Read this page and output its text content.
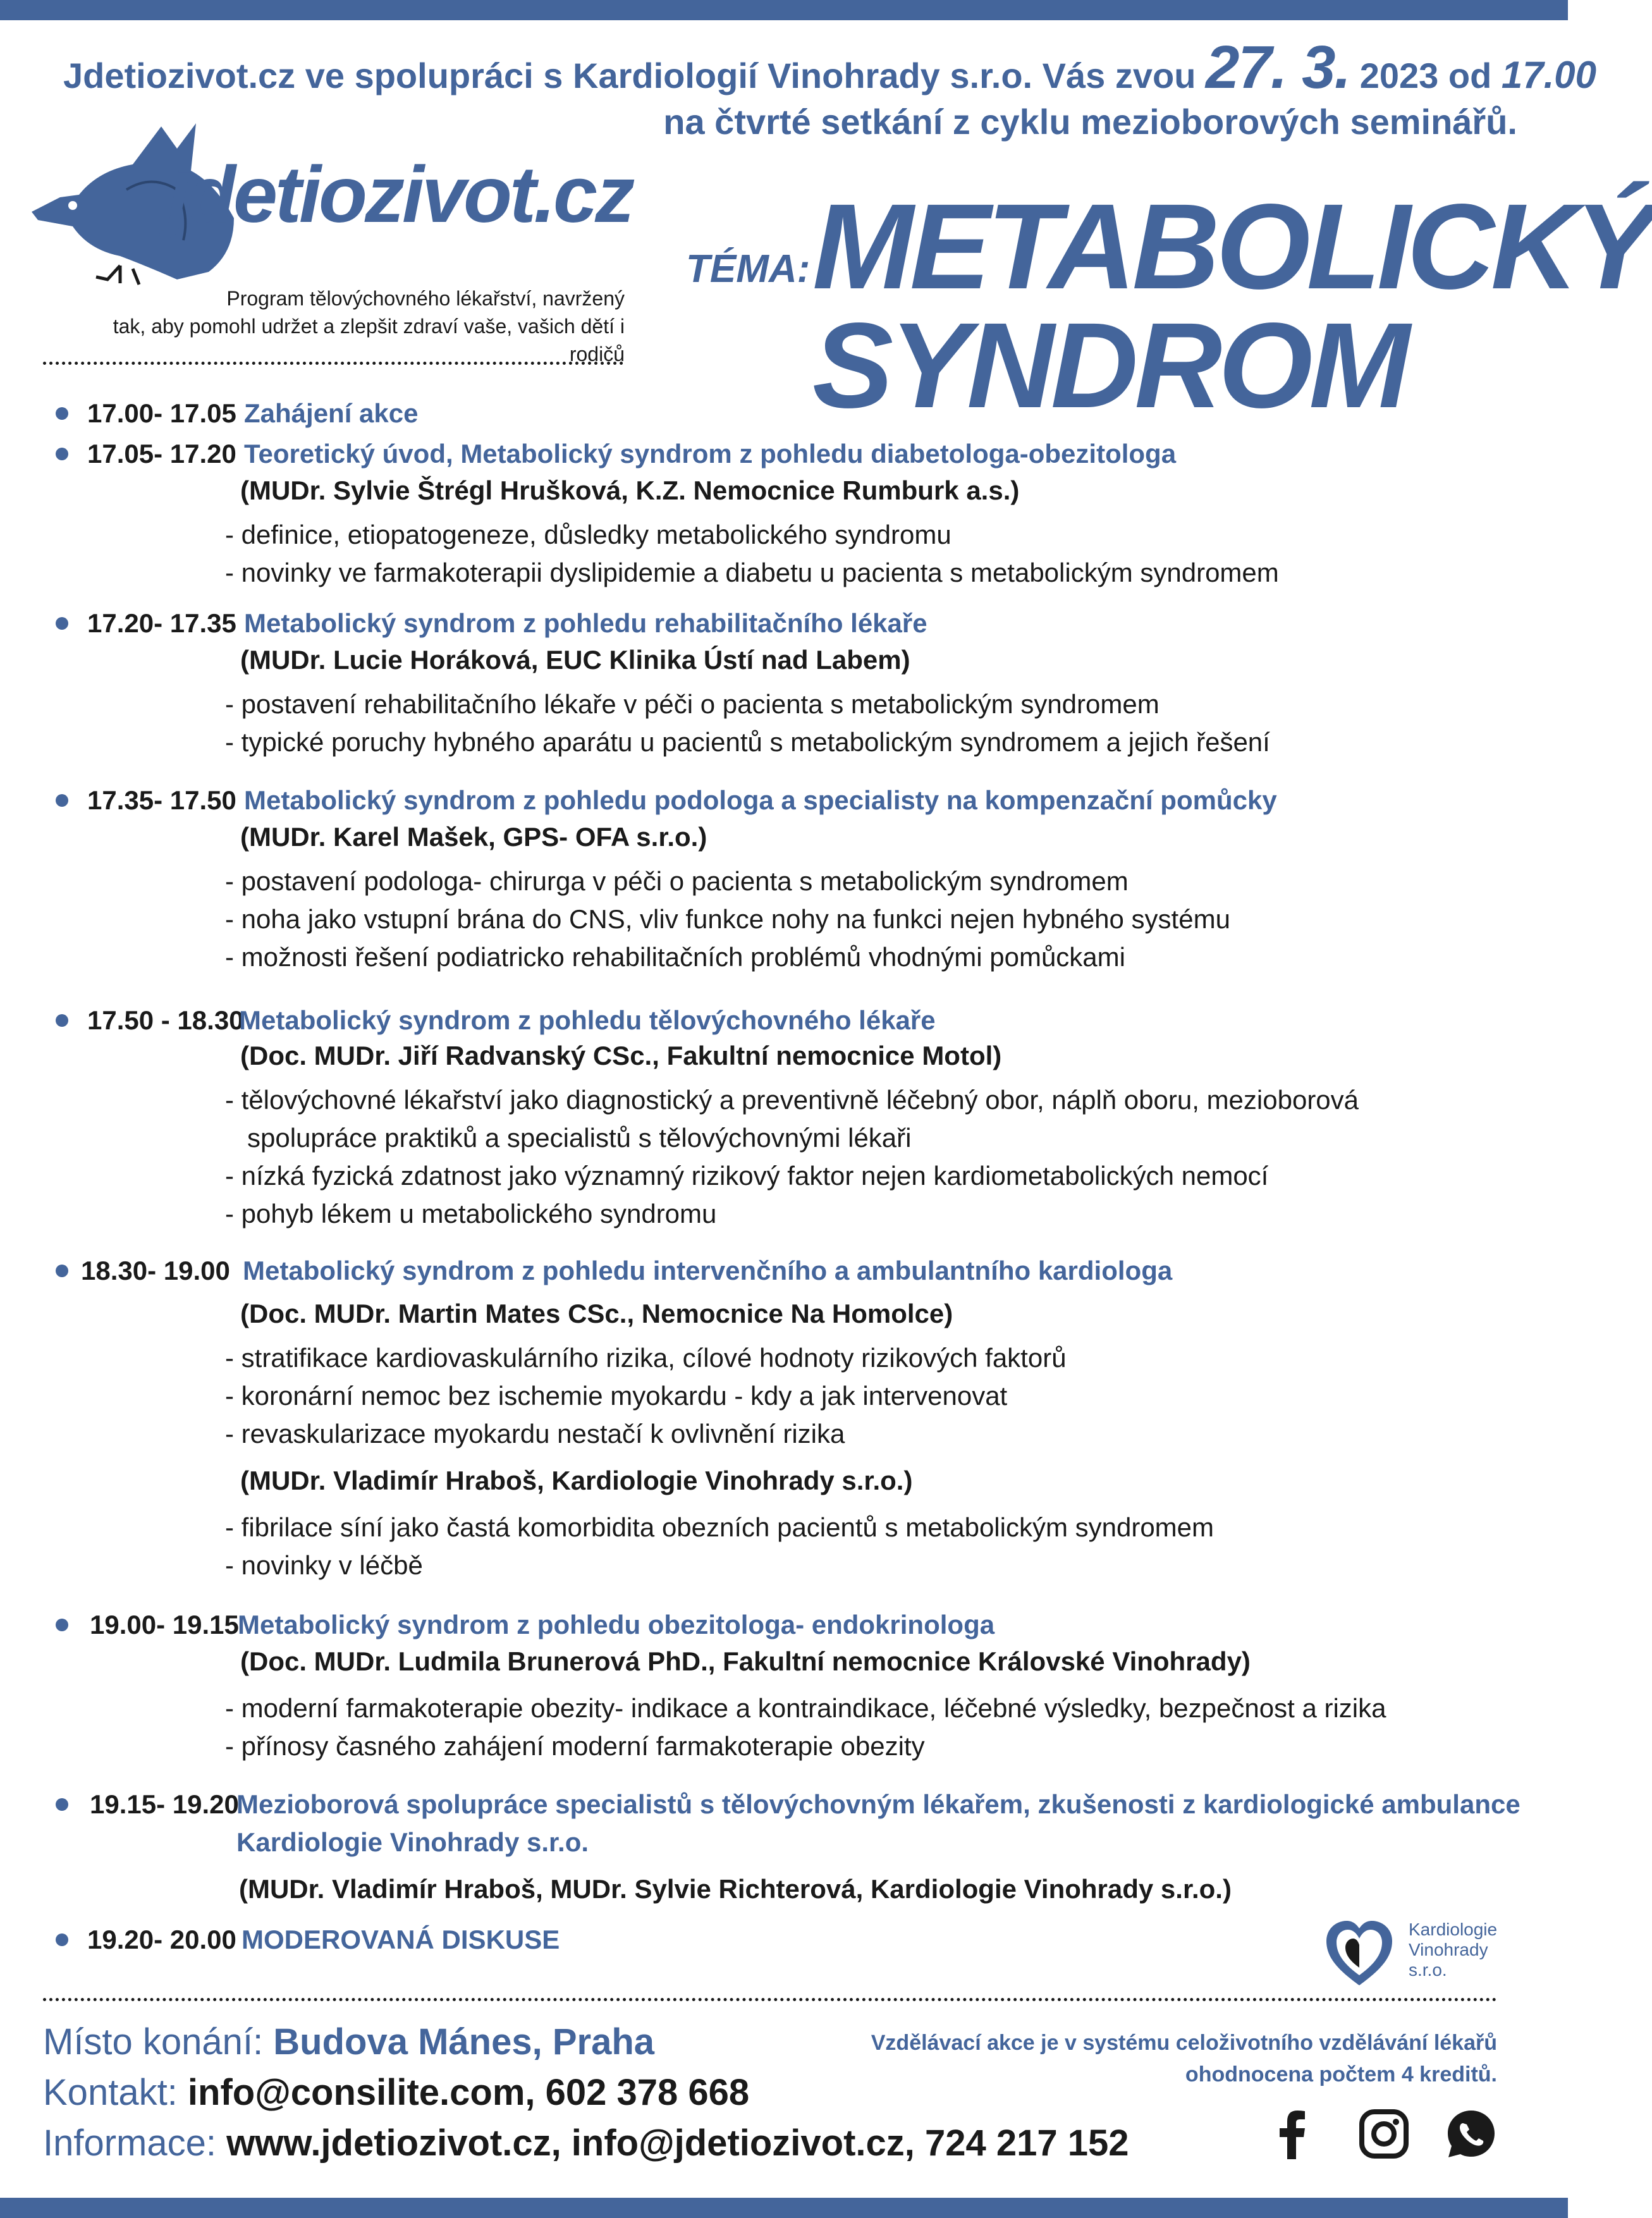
Jdetiozivot.cz ve spolupráci s Kardiologií Vinohrady s.r.o. Vás zvou 27. 3. 2023 od 17.00
na čtvrté setkání z cyklu mezioborových seminářů.
jdetiozivot.cz
Program tělovýchovného lékařství, navržený
tak, aby pomohl udržet a zlepšit zdraví vaše, vašich dětí i rodičů
TÉMA: METABOLICKÝ
SYNDROM
17.00- 17.05 Zahájení akce
17.05- 17.20 Teoretický úvod, Metabolický syndrom z pohledu diabetologa-obezitologa
(MUDr. Sylvie Štrégl Hrušková, K.Z. Nemocnice Rumburk a.s.)
- definice, etiopatogeneze, důsledky metabolického syndromu
- novinky ve farmakoterapii dyslipidemie a diabetu u pacienta s metabolickým syndromem
17.20- 17.35 Metabolický syndrom z pohledu rehabilitačního lékaře
(MUDr. Lucie Horáková, EUC Klinika Ústí nad Labem)
- postavení rehabilitačního lékaře v péči o pacienta s metabolickým syndromem
- typické poruchy hybného aparátu u pacientů s metabolickým syndromem a jejich řešení
17.35- 17.50 Metabolický syndrom z pohledu podologa a specialisty na kompenzační pomůcky
(MUDr. Karel Mašek, GPS- OFA s.r.o.)
- postavení podologa- chirurga v péči o pacienta s metabolickým syndromem
- noha jako vstupní brána do CNS, vliv funkce nohy na funkci nejen hybného systému
- možnosti řešení podiatricko rehabilitačních problémů vhodnými pomůckami
17.50 - 18.30
Metabolický syndrom z pohledu tělovýchovného lékaře
(Doc. MUDr. Jiří Radvanský CSc., Fakultní nemocnice Motol)
- tělovýchovné lékařství jako diagnostický a preventivně léčebný obor, náplň oboru, mezioborová
spolupráce praktiků a specialistů s tělovýchovnými lékaři
- nízká fyzická zdatnost jako významný rizikový faktor nejen kardiometabolických nemocí
- pohyb lékem u metabolického syndromu
18.30- 19.00 Metabolický syndrom z pohledu intervenčního a ambulantního kardiologa
(Doc. MUDr. Martin Mates CSc., Nemocnice Na Homolce)
- stratifikace kardiovaskulárního rizika, cílové hodnoty rizikových faktorů
- koronární nemoc bez ischemie myokardu - kdy a jak intervenovat
- revaskularizace myokardu nestačí k ovlivnění rizika
(MUDr. Vladimír Hraboš, Kardiologie Vinohrady s.r.o.)
- fibrilace síní jako častá komorbidita obezních pacientů s metabolickým syndromem
- novinky v léčbě
19.00- 19.15
Metabolický syndrom z pohledu obezitologa- endokrinologa
(Doc. MUDr. Ludmila Brunerová PhD., Fakultní nemocnice Královské Vinohrady)
- moderní farmakoterapie obezity- indikace a kontraindikace, léčebné výsledky, bezpečnost a rizika
- přínosy časného zahájení moderní farmakoterapie obezity
19.15- 19.20
Mezioborová spolupráce specialistů s tělovýchovným lékařem, zkušenosti z kardiologické ambulance
Kardiologie Vinohrady s.r.o.
(MUDr. Vladimír Hraboš, MUDr. Sylvie Richterová, Kardiologie Vinohrady s.r.o.)
19.20- 20.00 MODEROVANÁ DISKUSE	Kardiologie
Vinohrady
s.r.o.
Místo konání: Budova Mánes, Praha
Kontakt: info@consilite.com, 602 378 668
Informace: www.jdetiozivot.cz, info@jdetiozivot.cz, 724 217 152
Vzdělávací akce je v systému celoživotního vzdělávání lékařů
ohodnocena počtem 4 kreditů.
